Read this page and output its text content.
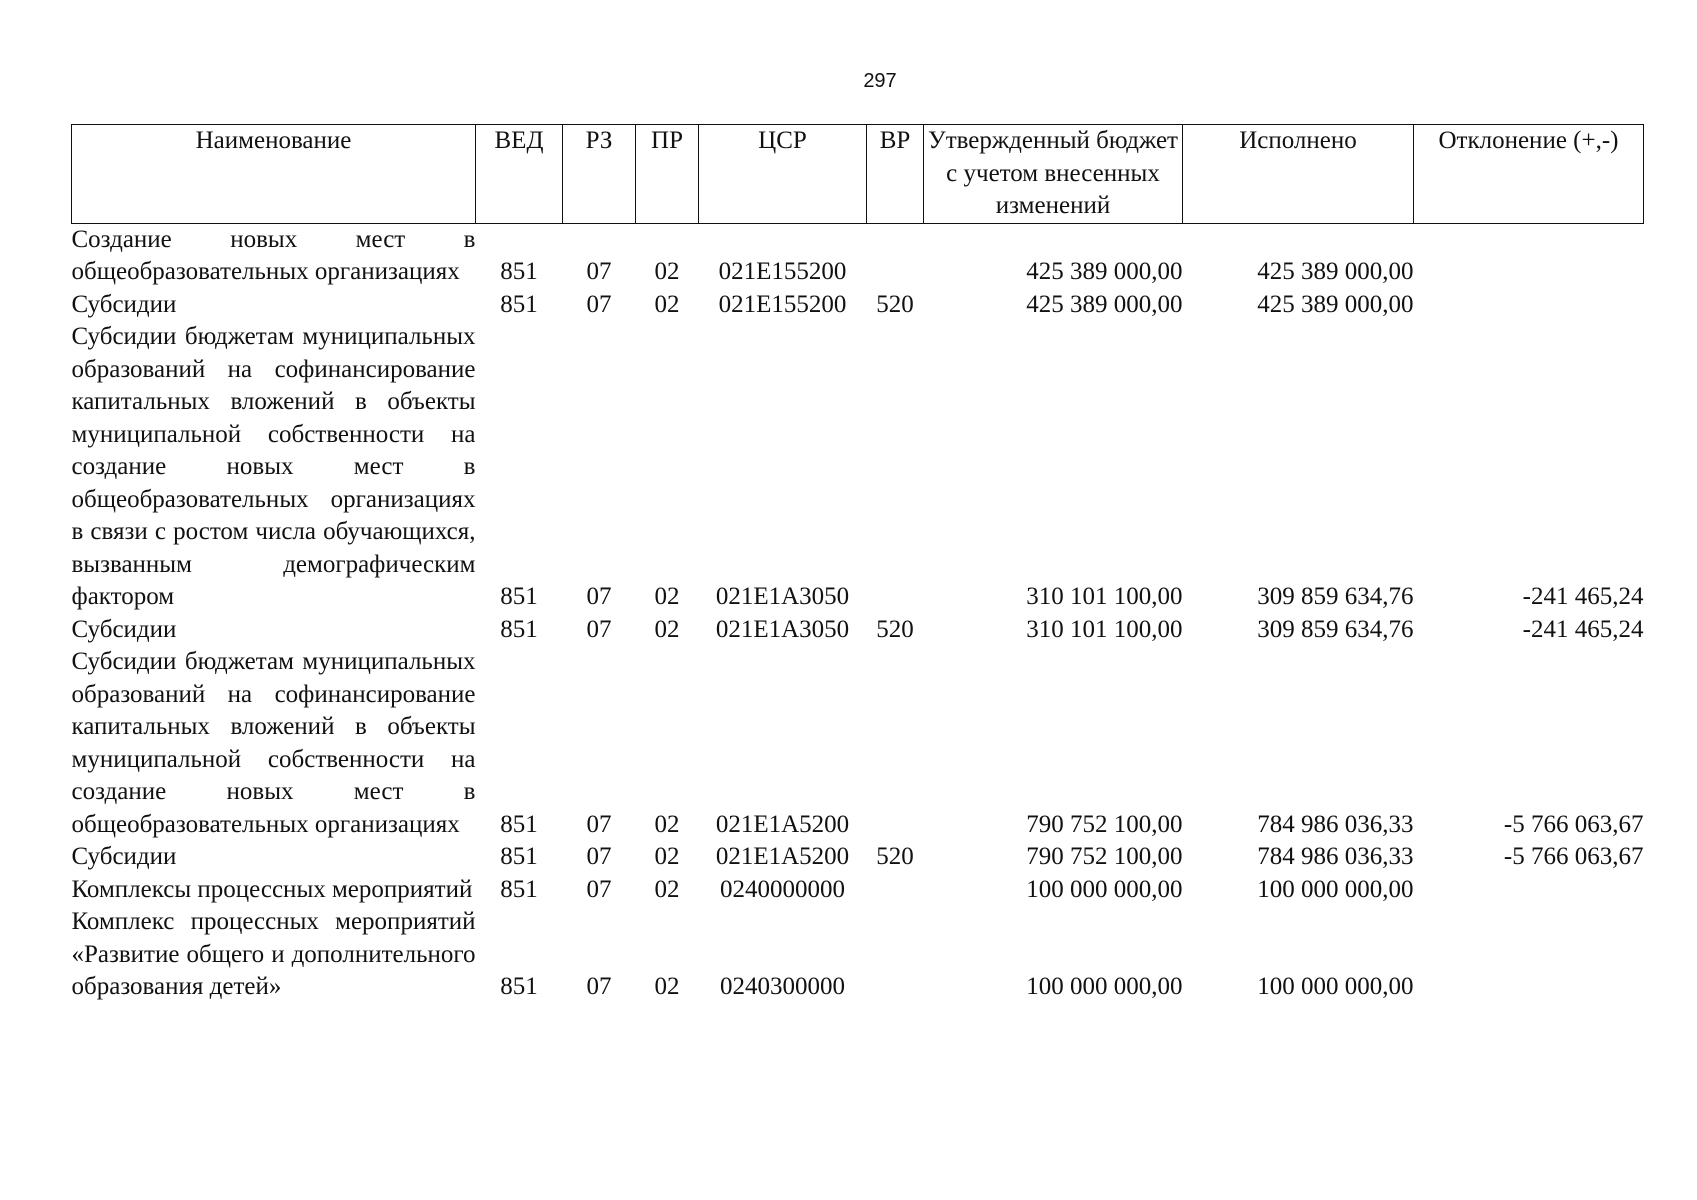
297
Наименование	ВЕД	РЗ	ПР	ЦСР	ВР	Утвержденный бюджет с учетом внесенных изменений	Исполнено	Отклонение (+,-)
Создание новых мест в общеобразовательных организациях	851	07	02	021E155200		425 389 000,00	425 389 000,00	
Субсидии	851	07	02	021E155200	520	425 389 000,00	425 389 000,00	
Субсидии бюджетам муниципальных образований на софинансирование капитальных вложений в объекты муниципальной собственности на создание новых мест в общеобразовательных организациях в связи с ростом числа обучающихся, вызванным демографическим фактором	851	07	02	021E1A3050		310 101 100,00	309 859 634,76	-241 465,24
Субсидии	851	07	02	021E1A3050	520	310 101 100,00	309 859 634,76	-241 465,24
Субсидии бюджетам муниципальных образований на софинансирование капитальных вложений в объекты муниципальной собственности на создание новых мест в общеобразовательных организациях	851	07	02	021E1A5200		790 752 100,00	784 986 036,33	-5 766 063,67
Субсидии	851	07	02	021E1A5200	520	790 752 100,00	784 986 036,33	-5 766 063,67
Комплексы процессных мероприятий	851	07	02	0240000000		100 000 000,00	100 000 000,00	
Комплекс процессных мероприятий «Развитие общего и дополнительного образования детей»	851	07	02	0240300000		100 000 000,00	100 000 000,00	
